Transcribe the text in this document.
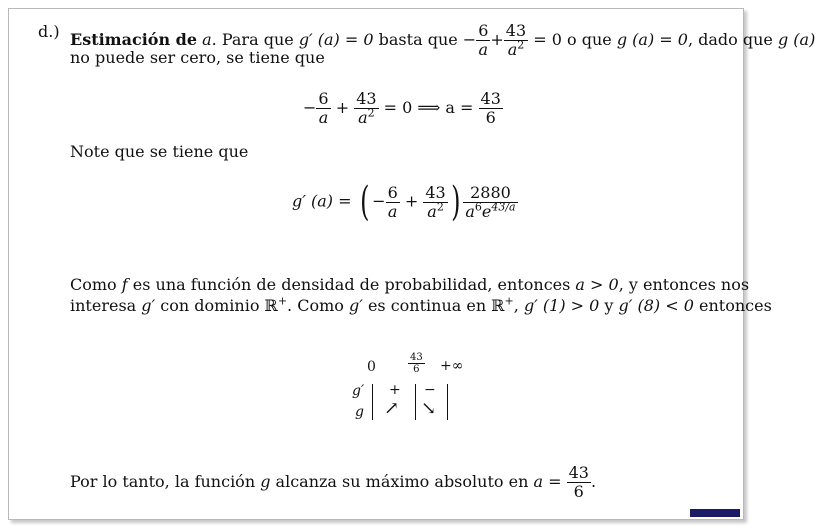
d.) Estimación de a. Para que g′ (a) = 0 basta que − $\frac{6}{a} + \frac{43}{a^2} = 0$ o que g (a) = 0, dado que g (a)
no puede ser cero, se tiene que
− $\frac{6}{a} + \frac{43}{a^2} = 0$ ⟹ $a = \frac{43}{6}$
Note que se tiene que
g′ (a) = ( − $\frac{6}{a} + \frac{43}{a^2}$ ) $\frac{2880}{a^6e^{43/a}}$
Como f es una función de densidad de probabilidad, entonces a > 0, y entonces nos
interesa g′ con dominio ℝ+. Como g′ es continua en ℝ+, g′ (1) > 0 y g′ (8) < 0 entonces
0	$\frac{43}{6}$ +∞
g′
g
+ −
↗ ↘
Por lo tanto, la función g alcanza su máximo absoluto en $a = \frac{43}{6}$ .
